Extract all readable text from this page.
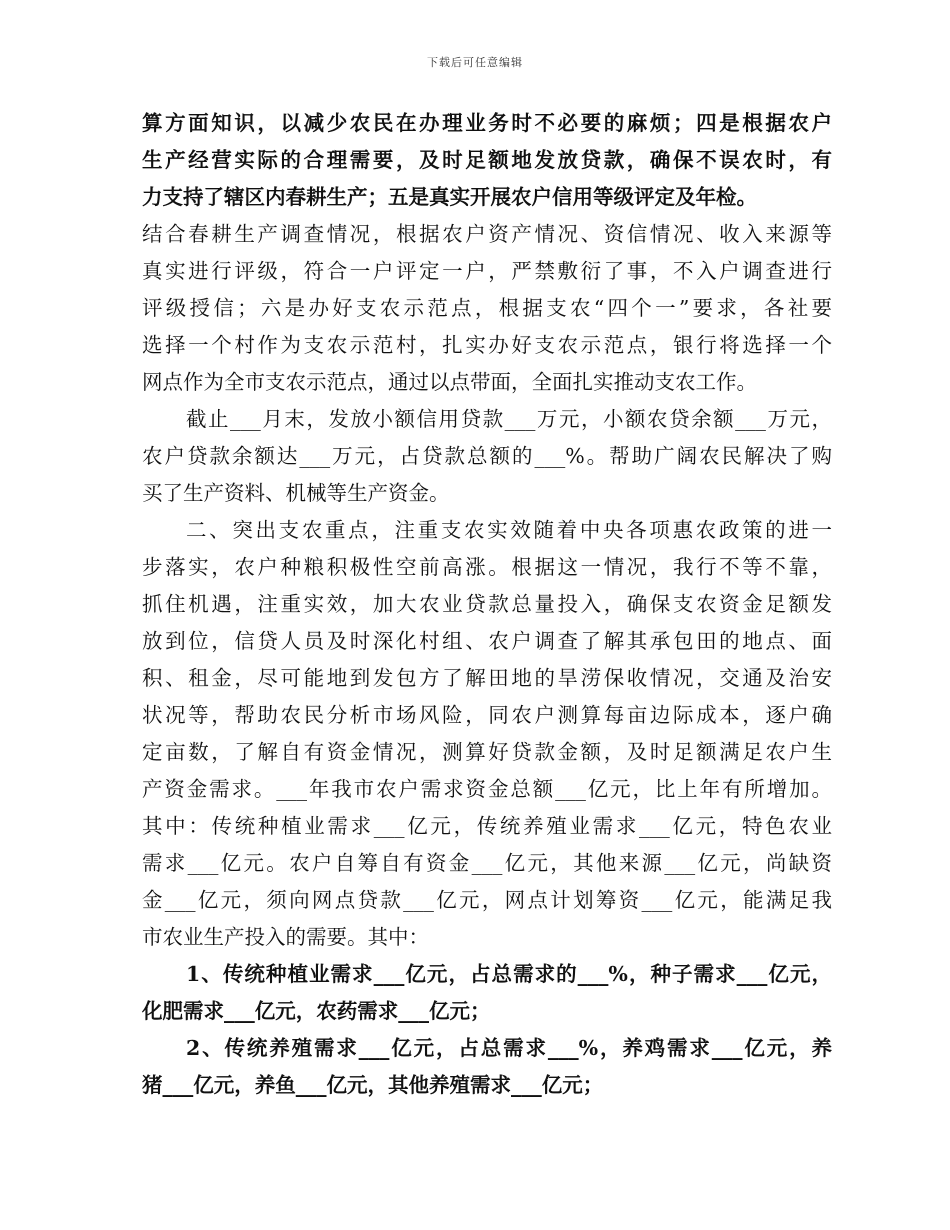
下载后可任意编辑
算方面知识，以减少农民在办理业务时不必要的麻烦；四是根据农户
生产经营实际的合理需要，及时足额地发放贷款，确保不误农时，有
力支持了辖区内春耕生产；五是真实开展农户信用等级评定及年检。
结合春耕生产调查情况，根据农户资产情况、资信情况、收入来源等
真实进行评级，符合一户评定一户，严禁敷衍了事，不入户调查进行
评级授信；六是办好支农示范点，根据支农“四个一”要求，各社要
选择一个村作为支农示范村，扎实办好支农示范点，银行将选择一个
网点作为全市支农示范点，通过以点带面，全面扎实推动支农工作。
截止___月末，发放小额信用贷款___万元，小额农贷余额___万元，
农户贷款余额达___万元，占贷款总额的___%。帮助广阔农民解决了购
买了生产资料、机械等生产资金。
二、突出支农重点，注重支农实效随着中央各项惠农政策的进一
步落实，农户种粮积极性空前高涨。根据这一情况，我行不等不靠，
抓住机遇，注重实效，加大农业贷款总量投入，确保支农资金足额发
放到位，信贷人员及时深化村组、农户调查了解其承包田的地点、面
积、租金，尽可能地到发包方了解田地的旱涝保收情况，交通及治安
状况等，帮助农民分析市场风险，同农户测算每亩边际成本，逐户确
定亩数，了解自有资金情况，测算好贷款金额，及时足额满足农户生
产资金需求。___年我市农户需求资金总额___亿元，比上年有所增加。
其中：传统种植业需求___亿元，传统养殖业需求___亿元，特色农业
需求___亿元。农户自筹自有资金___亿元，其他来源___亿元，尚缺资
金___亿元，须向网点贷款___亿元，网点计划筹资___亿元，能满足我
市农业生产投入的需要。其中：
1、传统种植业需求___亿元，占总需求的___%，种子需求___亿元，
化肥需求___亿元，农药需求___亿元；
2、传统养殖需求___亿元，占总需求___%，养鸡需求___亿元，养
猪___亿元，养鱼___亿元，其他养殖需求___亿元；
